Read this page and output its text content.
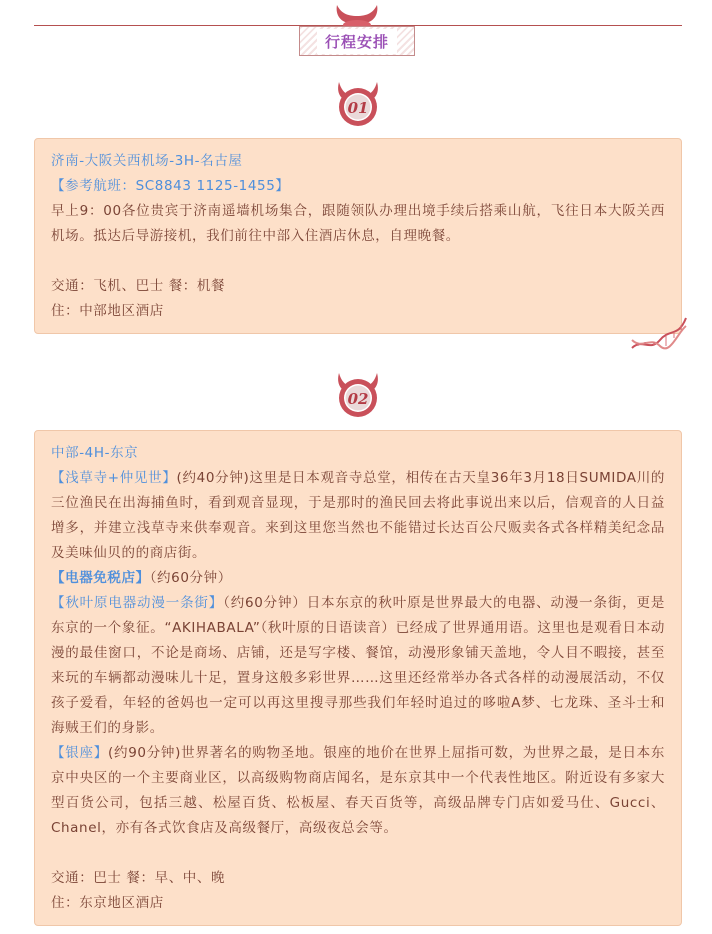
行程安排
01

济南-大阪关西机场-3H-名古屋

【参考航班：SC8843 1125-1455】

早上9：00各位贵宾于济南遥墙机场集合，跟随领队办理出境手续后搭乘山航，飞往日本大阪关西机场。抵达后导游接机，我们前往中部入住酒店休息，自理晚餐。

交通：飞机、巴士 餐：机餐

住：中部地区酒店

02

中部-4H-东京

【浅草寺+仲见世】(约40分钟)这里是日本观音寺总堂，相传在古天皇36年3月18日SUMIDA川的三位渔民在出海捕鱼时，看到观音显现，于是那时的渔民回去将此事说出来以后，信观音的人日益增多，并建立浅草寺来供奉观音。来到这里您当然也不能错过长达百公尺贩卖各式各样精美纪念品及美味仙贝的的商店街。

【电器免税店】（约60分钟）

【秋叶原电器动漫一条街】（约60分钟）日本东京的秋叶原是世界最大的电器、动漫一条街，更是东京的一个象征。“AKIHABALA”（秋叶原的日语读音）已经成了世界通用语。这里也是观看日本动漫的最佳窗口，不论是商场、店铺，还是写字楼、餐馆，动漫形象铺天盖地，令人目不暇接，甚至来玩的车辆都动漫味儿十足，置身这般多彩世界……这里还经常举办各式各样的动漫展活动，不仅孩子爱看，年轻的爸妈也一定可以再这里搜寻那些我们年轻时追过的哆啦A梦、七龙珠、圣斗士和海贼王们的身影。

【银座】(约90分钟)世界著名的购物圣地。银座的地价在世界上屈指可数，为世界之最，是日本东京中央区的一个主要商业区，以高级购物商店闻名，是东京其中一个代表性地区。附近设有多家大型百货公司，包括三越、松屋百货、松板屋、春天百货等，高级品牌专门店如爱马仕、Gucci、Chanel，亦有各式饮食店及高级餐厅，高级夜总会等。

交通：巴士 餐：早、中、晚

住：东京地区酒店
